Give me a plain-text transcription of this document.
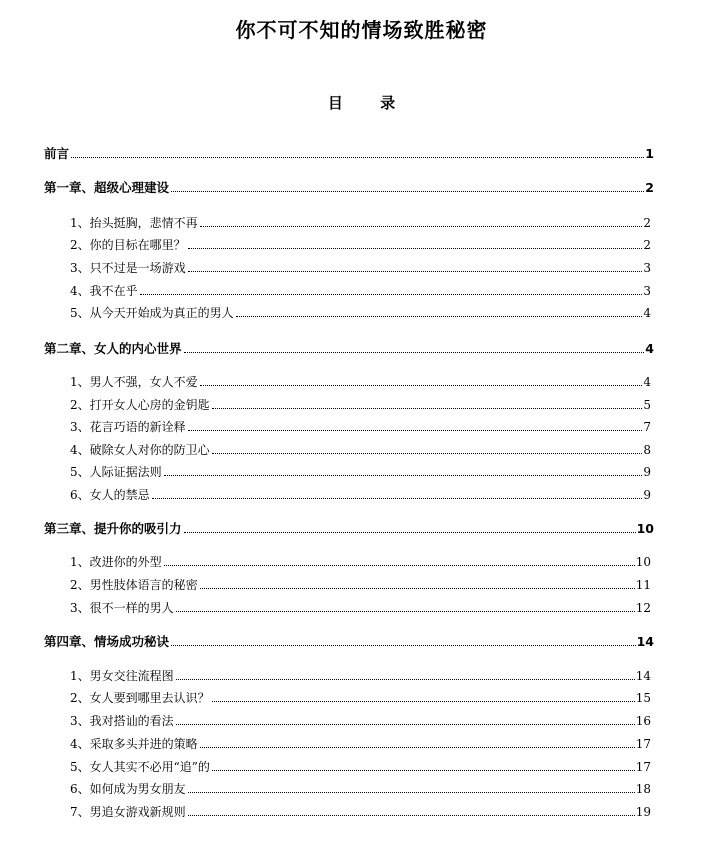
你不可不知的情场致胜秘密
目 录
前言	1
第一章、超级心理建设	2
1、抬头挺胸，悲情不再	2
2、你的目标在哪里？	2
3、只不过是一场游戏	3
4、我不在乎	3
5、从今天开始成为真正的男人	4
第二章、女人的内心世界	4
1、男人不强，女人不爱	4
2、打开女人心房的金钥匙	5
3、花言巧语的新诠释	7
4、破除女人对你的防卫心	8
5、人际证据法则	9
6、女人的禁忌	9
第三章、提升你的吸引力	10
1、改进你的外型	10
2、男性肢体语言的秘密	11
3、很不一样的男人	12
第四章、情场成功秘诀	14
1、男女交往流程图	14
2、女人要到哪里去认识？	15
3、我对搭讪的看法	16
4、采取多头并进的策略	17
5、女人其实不必用“追”的	17
6、如何成为男女朋友	18
7、男追女游戏新规则	19
